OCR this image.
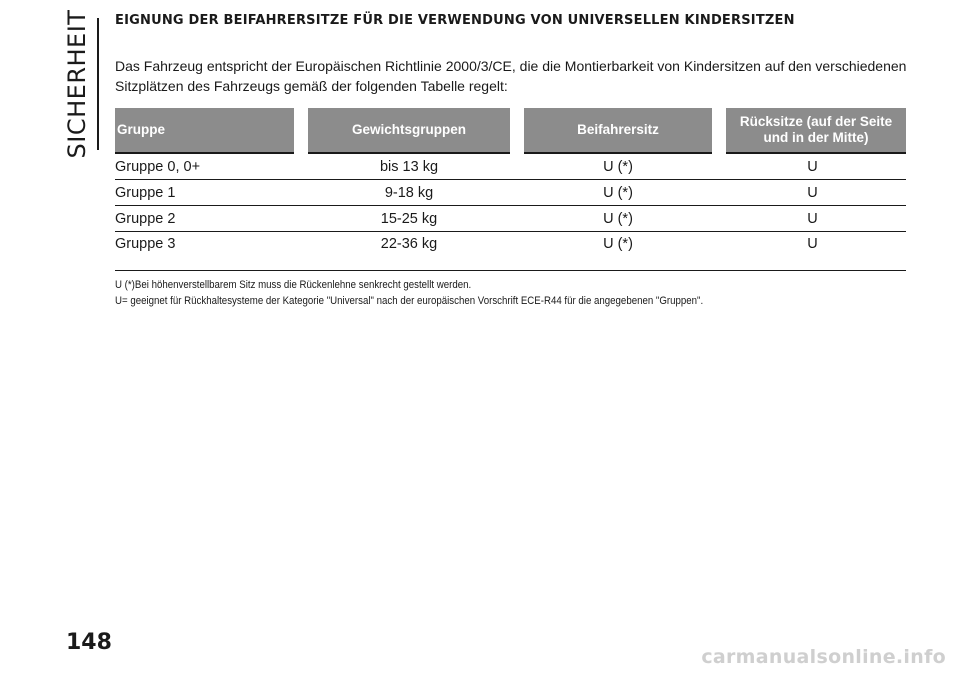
SICHERHEIT EIGNUNG DER BEIFAHRERSITZE FÜR DIE VERWENDUNG VON UNIVERSELLEN KINDERSITZEN

Das Fahrzeug entspricht der Europäischen Richtlinie 2000/3/CE, die die Montierbarkeit von Kindersitzen auf den verschiedenen Sitzplätzen des Fahrzeugs gemäß der folgenden Tabelle regelt:

Gruppe	Gewichtsgruppen	Beifahrersitz	Rücksitze (auf der Seite und in der Mitte)
Gruppe 0, 0+	bis 13 kg	U (*)	U
Gruppe 1	9-18 kg	U (*)	U
Gruppe 2	15-25 kg	U (*)	U
Gruppe 3	22-36 kg	U (*)	U
U (*)Bei höhenverstellbarem Sitz muss die Rückenlehne senkrecht gestellt werden.
U= geeignet für Rückhaltesysteme der Kategorie "Universal" nach der europäischen Vorschrift ECE-R44 für die angegebenen "Gruppen".
148
carmanualsonline.info
